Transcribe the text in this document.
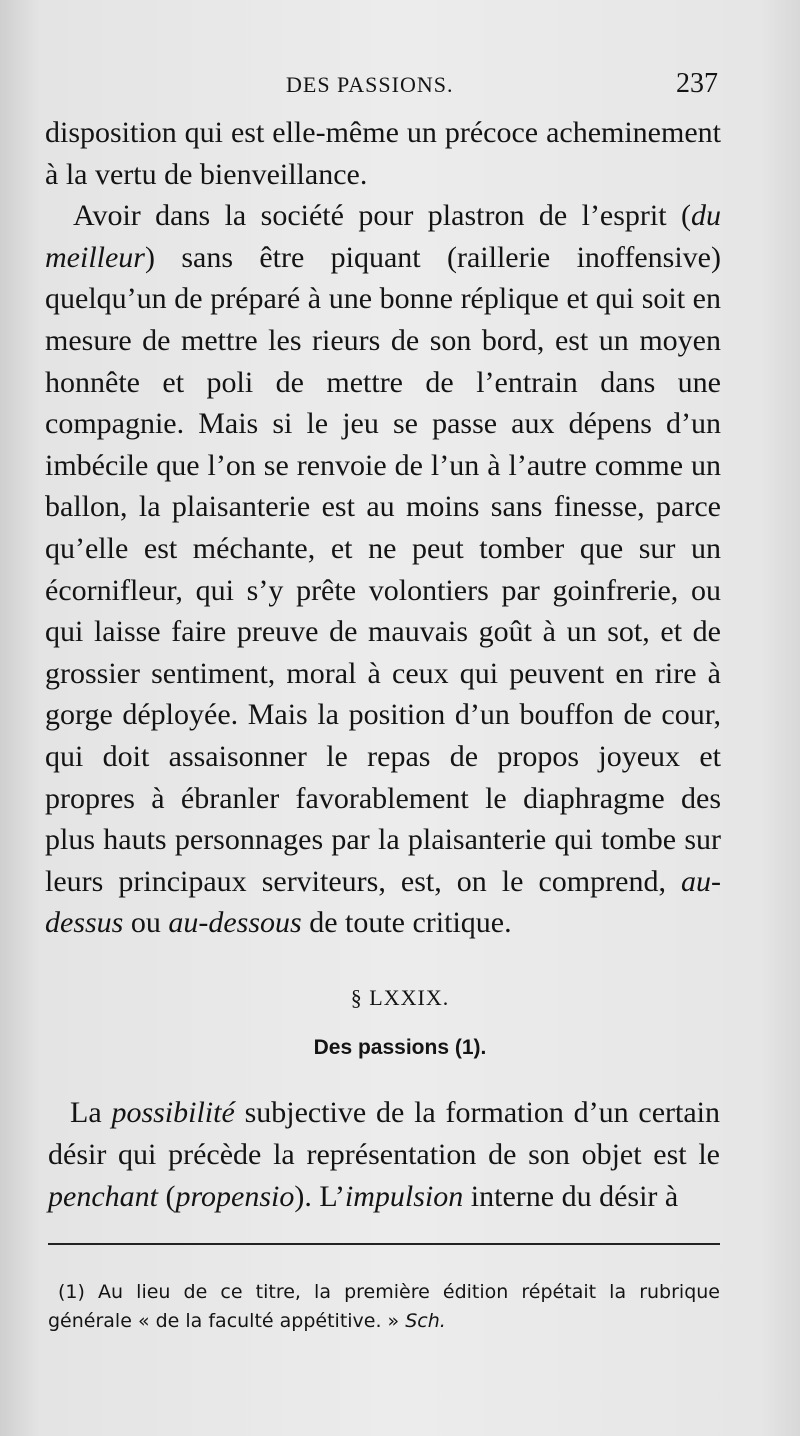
DES PASSIONS.	237

disposition qui est elle-même un précoce acheminement à la vertu de bienveillance.

Avoir dans la société pour plastron de l’esprit (du meilleur) sans être piquant (raillerie inoffensive) quelqu’un de préparé à une bonne réplique et qui soit en mesure de mettre les rieurs de son bord, est un moyen honnête et poli de mettre de l’entrain dans une compagnie. Mais si le jeu se passe aux dépens d’un imbécile que l’on se renvoie de l’un à l’autre comme un ballon, la plaisanterie est au moins sans finesse, parce qu’elle est méchante, et ne peut tomber que sur un écornifleur, qui s’y prête volontiers par goinfrerie, ou qui laisse faire preuve de mauvais goût à un sot, et de grossier sentiment, moral à ceux qui peuvent en rire à gorge déployée. Mais la position d’un bouffon de cour, qui doit assaisonner le repas de propos joyeux et propres à ébranler favorablement le diaphragme des plus hauts personnages par la plaisanterie qui tombe sur leurs principaux serviteurs, est, on le comprend, au-dessus ou au-dessous de toute critique.

§ LXXIX.
Des passions (1).

La possibilité subjective de la formation d’un certain désir qui précède la représentation de son objet est le penchant (propensio). L’impulsion interne du désir à

(1) Au lieu de ce titre, la première édition répétait la rubrique générale « de la faculté appétitive. » Sch.
